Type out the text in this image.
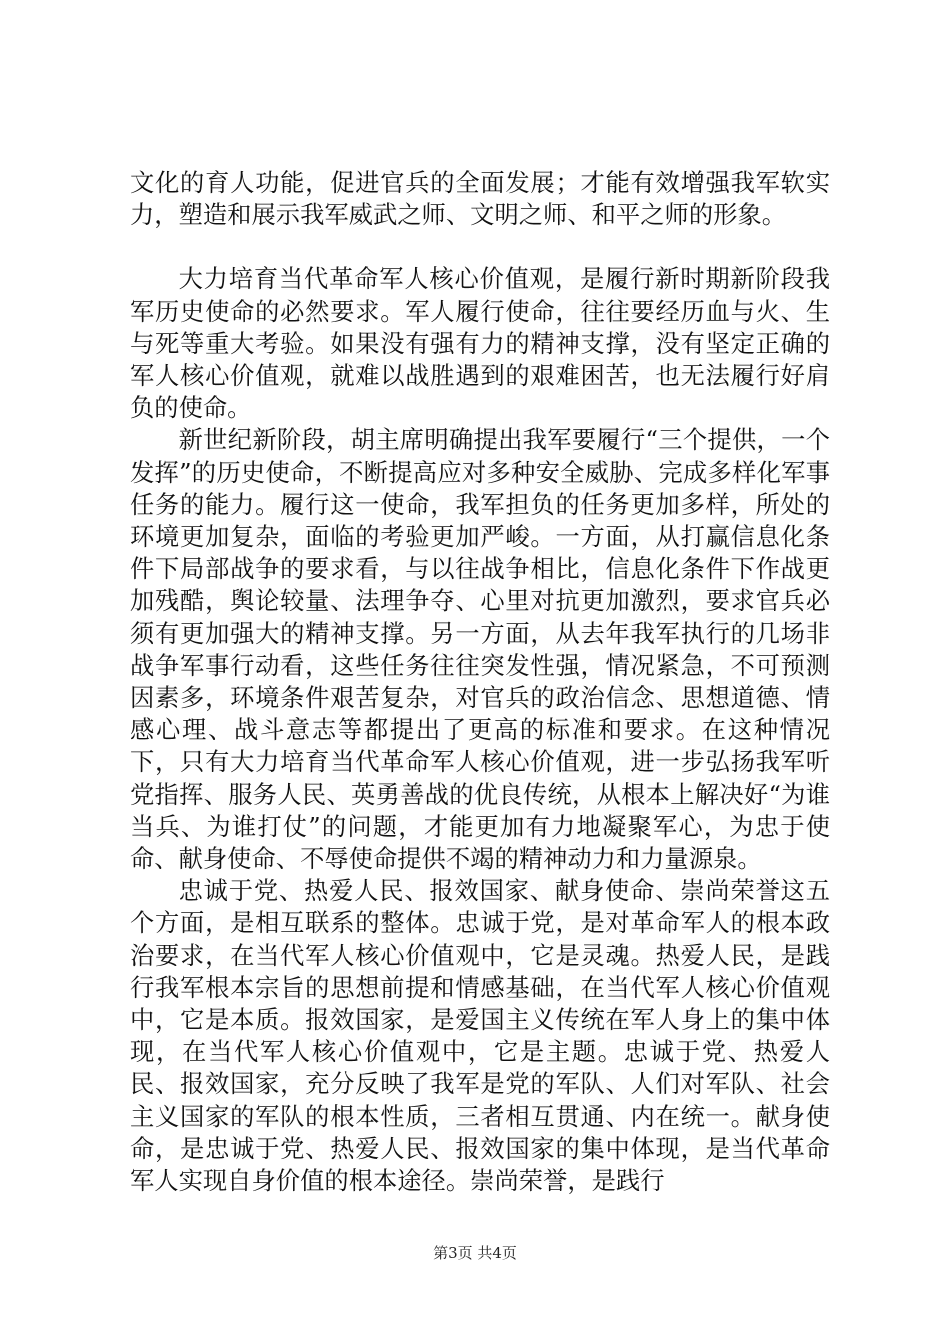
文化的育人功能，促进官兵的全面发展；才能有效增强我军软实力，塑造和展示我军威武之师、文明之师、和平之师的形象。

大力培育当代革命军人核心价值观，是履行新时期新阶段我军历史使命的必然要求。军人履行使命，往往要经历血与火、生与死等重大考验。如果没有强有力的精神支撑，没有坚定正确的军人核心价值观，就难以战胜遇到的艰难困苦，也无法履行好肩负的使命。

新世纪新阶段，胡主席明确提出我军要履行“三个提供，一个发挥”的历史使命，不断提高应对多种安全威胁、完成多样化军事任务的能力。履行这一使命，我军担负的任务更加多样，所处的环境更加复杂，面临的考验更加严峻。一方面，从打赢信息化条件下局部战争的要求看，与以往战争相比，信息化条件下作战更加残酷，舆论较量、法理争夺、心里对抗更加激烈，要求官兵必须有更加强大的精神支撑。另一方面，从去年我军执行的几场非战争军事行动看，这些任务往往突发性强，情况紧急，不可预测因素多，环境条件艰苦复杂，对官兵的政治信念、思想道德、情感心理、战斗意志等都提出了更高的标准和要求。在这种情况下，只有大力培育当代革命军人核心价值观，进一步弘扬我军听党指挥、服务人民、英勇善战的优良传统，从根本上解决好“为谁当兵、为谁打仗”的问题，才能更加有力地凝聚军心，为忠于使命、献身使命、不辱使命提供不竭的精神动力和力量源泉。

忠诚于党、热爱人民、报效国家、献身使命、崇尚荣誉这五个方面，是相互联系的整体。忠诚于党，是对革命军人的根本政治要求，在当代军人核心价值观中，它是灵魂。热爱人民，是践行我军根本宗旨的思想前提和情感基础，在当代军人核心价值观中，它是本质。报效国家，是爱国主义传统在军人身上的集中体现，在当代军人核心价值观中，它是主题。忠诚于党、热爱人民、报效国家，充分反映了我军是党的军队、人们对军队、社会主义国家的军队的根本性质，三者相互贯通、内在统一。献身使命，是忠诚于党、热爱人民、报效国家的集中体现，是当代革命军人实现自身价值的根本途径。崇尚荣誉，是践行

第3页 共4页
